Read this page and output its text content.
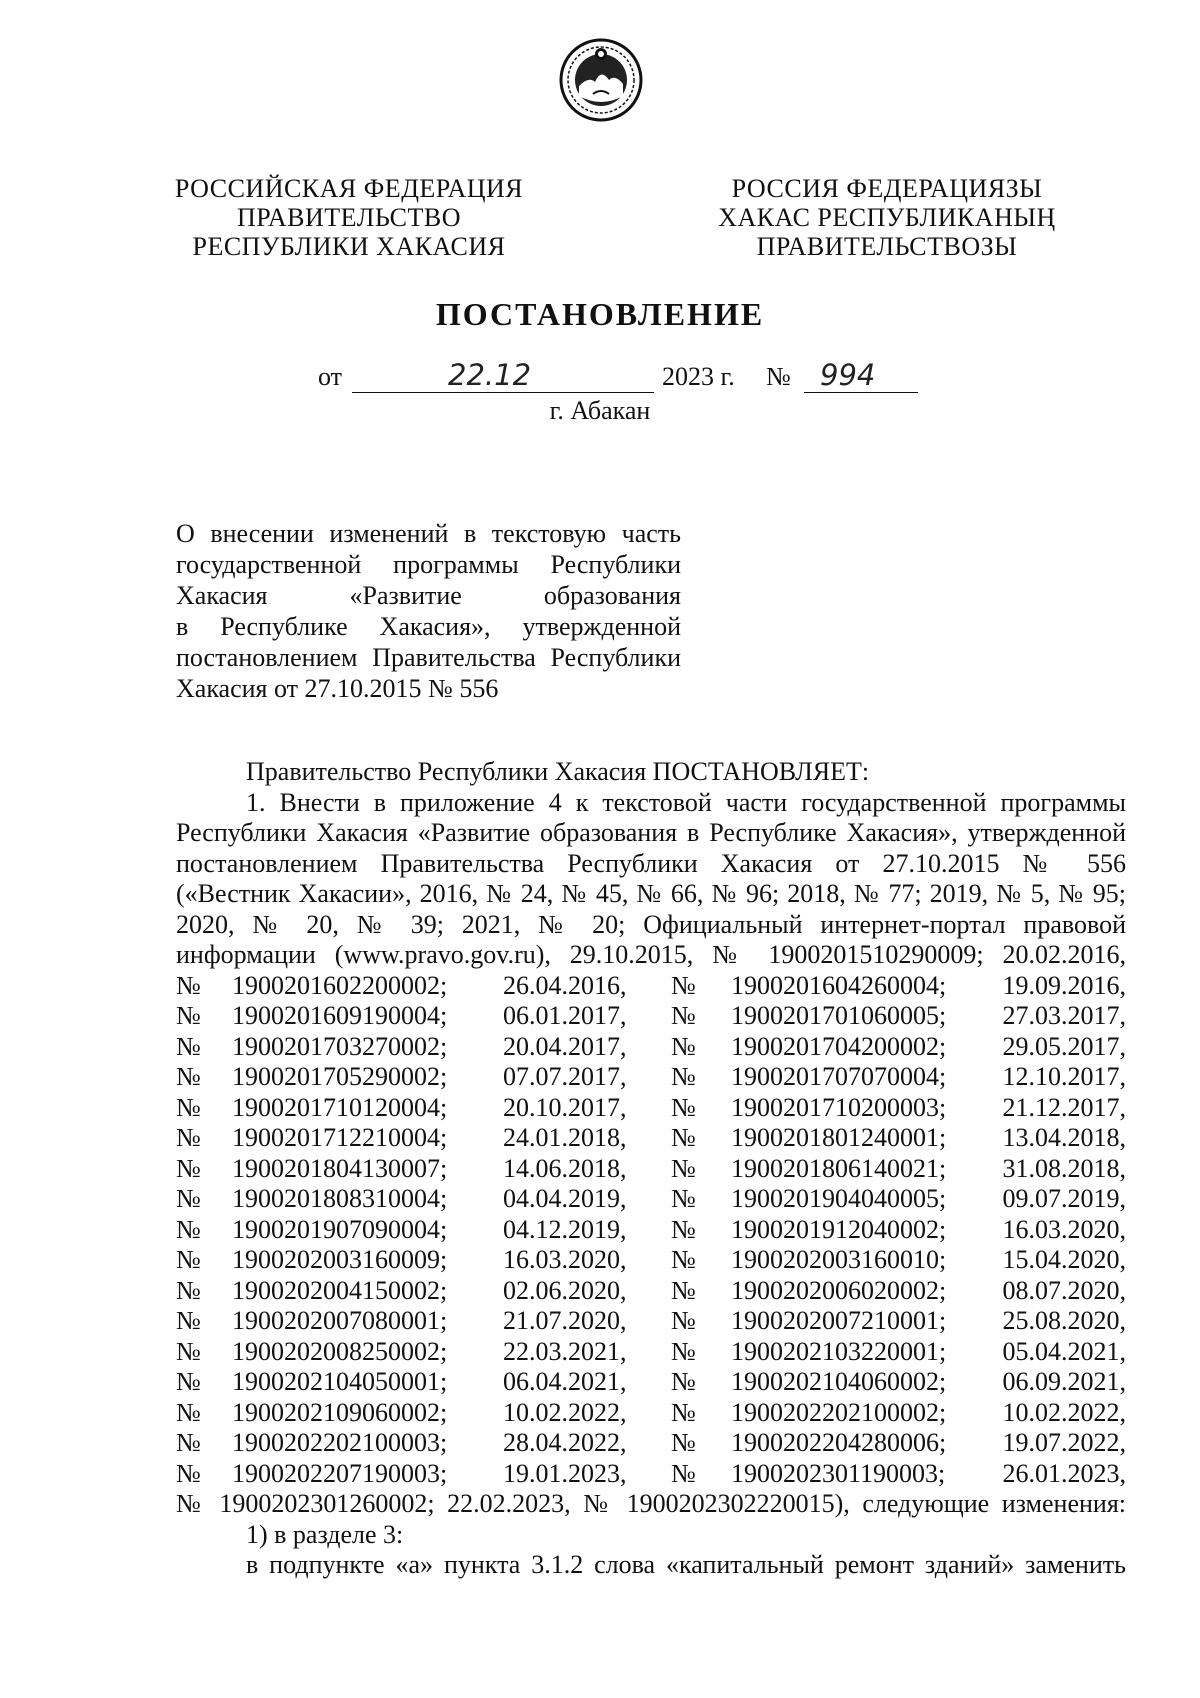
РОССИЙСКАЯ ФЕДЕРАЦИЯ
ПРАВИТЕЛЬСТВО
РЕСПУБЛИКИ ХАКАСИЯ
РОССИЯ ФЕДЕРАЦИЯЗЫ
ХАКАС РЕСПУБЛИКАНЫҢ
ПРАВИТЕЛЬСТВОЗЫ
ПОСТАНОВЛЕНИЕ
от	22.12	2023 г. № 994
г. Абакан
О внесении изменений в текстовую часть
государственной программы Республики
Хакасия «Развитие образования
в Республике Хакасия», утвержденной
постановлением Правительства Республики
Хакасия от 27.10.2015 № 556
Правительство Республики Хакасия ПОСТАНОВЛЯЕТ:
1. Внести в приложение 4 к текстовой части государственной программы
Республики Хакасия «Развитие образования в Республике Хакасия», утвержденной
постановлением Правительства Республики Хакасия от 27.10.2015 № 556
(«Вестник Хакасии», 2016, № 24, № 45, № 66, № 96; 2018, № 77; 2019, № 5, № 95;
2020, № 20, № 39; 2021, № 20; Официальный интернет-портал правовой
информации (www.pravo.gov.ru), 29.10.2015, № 1900201510290009; 20.02.2016,
№ 1900201602200002; 26.04.2016, № 1900201604260004; 19.09.2016,
№ 1900201609190004; 06.01.2017, № 1900201701060005; 27.03.2017,
№ 1900201703270002; 20.04.2017, № 1900201704200002; 29.05.2017,
№ 1900201705290002; 07.07.2017, № 1900201707070004; 12.10.2017,
№ 1900201710120004; 20.10.2017, № 1900201710200003; 21.12.2017,
№ 1900201712210004; 24.01.2018, № 1900201801240001; 13.04.2018,
№ 1900201804130007; 14.06.2018, № 1900201806140021; 31.08.2018,
№ 1900201808310004; 04.04.2019, № 1900201904040005; 09.07.2019,
№ 1900201907090004; 04.12.2019, № 1900201912040002; 16.03.2020,
№ 1900202003160009; 16.03.2020, № 1900202003160010; 15.04.2020,
№ 1900202004150002; 02.06.2020, № 1900202006020002; 08.07.2020,
№ 1900202007080001; 21.07.2020, № 1900202007210001; 25.08.2020,
№ 1900202008250002; 22.03.2021, № 1900202103220001; 05.04.2021,
№ 1900202104050001; 06.04.2021, № 1900202104060002; 06.09.2021,
№ 1900202109060002; 10.02.2022, № 1900202202100002; 10.02.2022,
№ 1900202202100003; 28.04.2022, № 1900202204280006; 19.07.2022,
№ 1900202207190003; 19.01.2023, № 1900202301190003; 26.01.2023,
№ 1900202301260002; 22.02.2023, № 1900202302220015), следующие изменения:
1) в разделе 3:
в подпункте «а» пункта 3.1.2 слова «капитальный ремонт зданий» заменить
